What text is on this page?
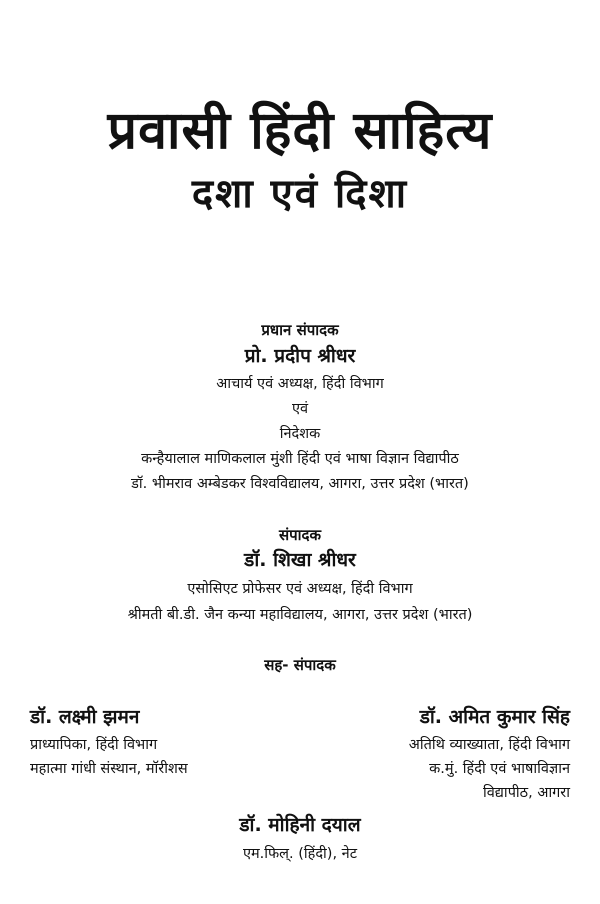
प्रवासी हिंदी साहित्य
दशा एवं दिशा
प्रधान संपादक
प्रो. प्रदीप श्रीधर
आचार्य एवं अध्यक्ष, हिंदी विभाग
एवं
निदेशक
कन्हैयालाल माणिकलाल मुंशी हिंदी एवं भाषा विज्ञान विद्यापीठ
डॉ. भीमराव अम्बेडकर विश्वविद्यालय, आगरा, उत्तर प्रदेश (भारत)
संपादक
डॉ. शिखा श्रीधर
एसोसिएट प्रोफेसर एवं अध्यक्ष, हिंदी विभाग
श्रीमती बी.डी. जैन कन्या महाविद्यालय, आगरा, उत्तर प्रदेश (भारत)
सह- संपादक
डॉ. लक्ष्मी झमन
प्राध्यापिका, हिंदी विभाग
महात्मा गांधी संस्थान, मॉरीशस
डॉ. अमित कुमार सिंह
अतिथि व्याख्याता, हिंदी विभाग
क.मुं. हिंदी एवं भाषाविज्ञान
विद्यापीठ, आगरा
डॉ. मोहिनी दयाल
एम.फिल्. (हिंदी), नेट
